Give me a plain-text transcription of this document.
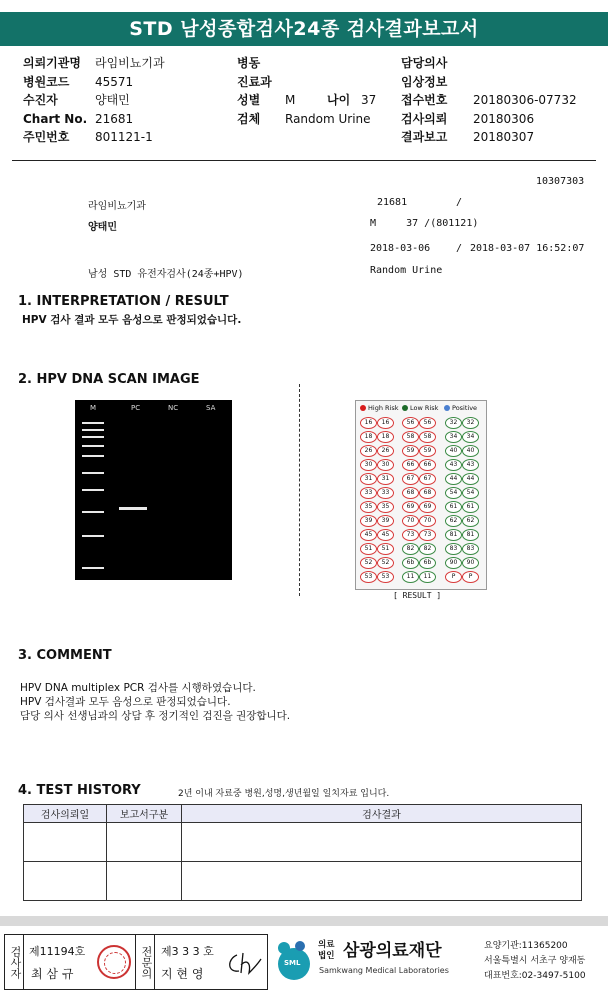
STD 남성종합검사24종 검사결과보고서
의뢰기관명 라임비뇨기과
병원코드 45571
수진자	양태민
Chart No. 21681
주민번호 801121-1
병동
진료과
성별 M	나이 37
검체 Random Urine
담당의사
임상정보
접수번호 20180306-07732
검사의뢰 20180306
결과보고 20180307
10307303
라임비뇨기과	21681	/
양태민	M     37 /(801121)
2018-03-06	/ 2018-03-07 16:52:07
남성 STD 유전자검사(24종+HPV)	Random Urine
1. INTERPRETATION / RESULT
HPV 검사 결과 모두 음성으로 판정되었습니다.
2. HPV DNA SCAN IMAGE
M	PC	NC	SA	High Risk Low Risk Positive
16	16	56	56	32	32
18	18	58	58	34	34
26	26	59	59	40	40
30	30	66	66	43	43
31	31	67	67	44	44
33	33	68	68	54	54
35	35	69	69	61	61
39	39	70	70	62	62
45	45	73	73	81	81
51	51	82	82	83	83
52	52	6b	6b	90	90
53	53	11	11	P	P
[ RESULT ]
3. COMMENT
HPV DNA multiplex PCR 검사를 시행하였습니다.
HPV 검사결과 모두 음성으로 판정되었습니다.
담당 의사 선생님과의 상담 후 정기적인 검진을 권장합니다.
4. TEST HISTORY	2년 이내 자료중 병원,성명,생년월일 일치자료 입니다.
검사의뢰일	보고서구분	검사결과

검사자 제11194호
최 삼 규	전문의 제3 3 3 호
지 현 영
SML
의료법인 삼광의료재단
Samkwang Medical Laboratories
요양기관:11365200
서울특별시 서초구 양재동
대표번호:02-3497-5100
